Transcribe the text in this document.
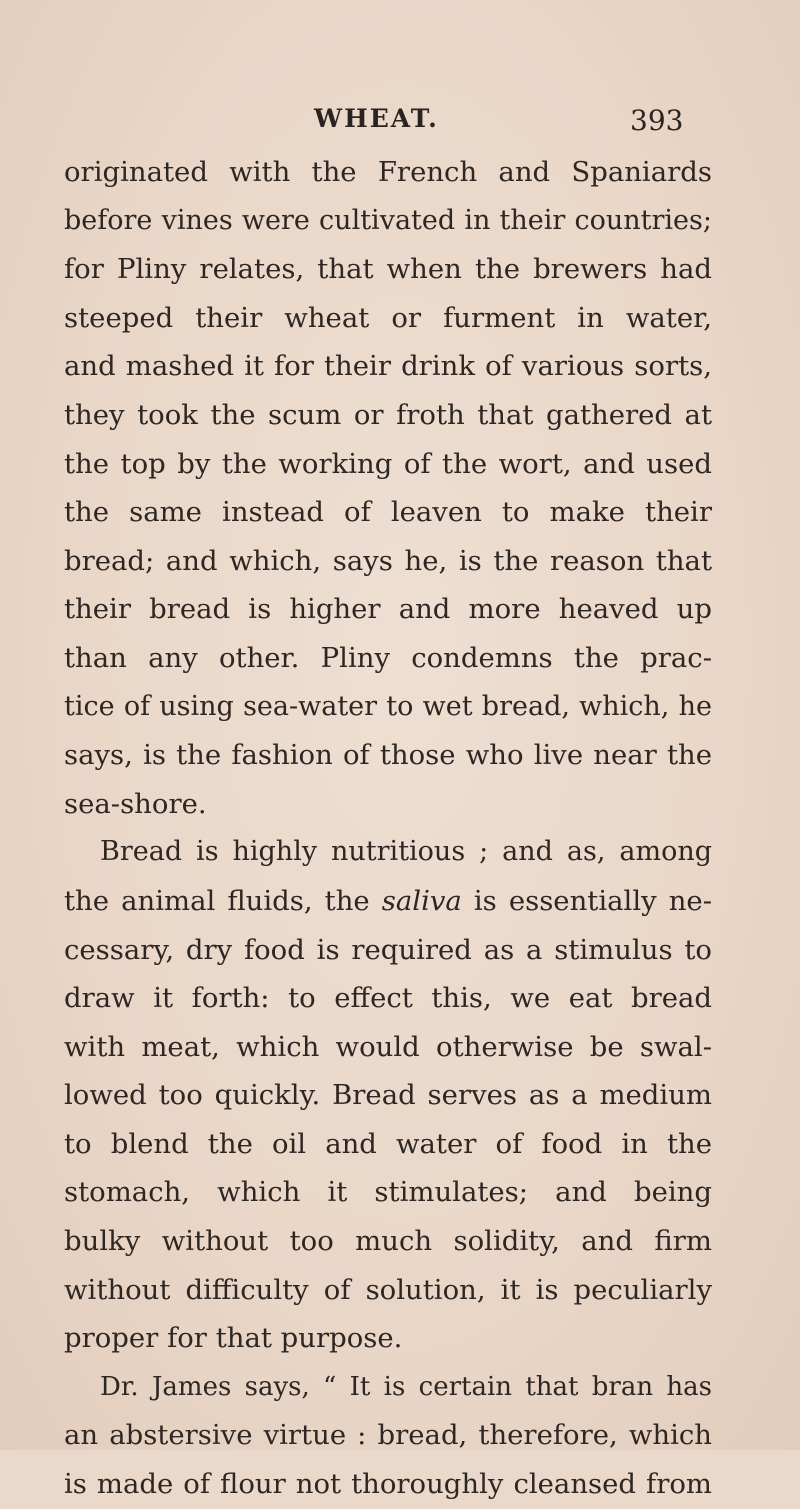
WHEAT.	393
originated with the French and Spaniards
before vines were cultivated in their countries;
for Pliny relates, that when the brewers had
steeped their wheat or furment in water,
and mashed it for their drink of various sorts,
they took the scum or froth that gathered at
the top by the working of the wort, and used
the same instead of leaven to make their
bread; and which, says he, is the reason that
their bread is higher and more heaved up
than any other. Pliny condemns the prac-
tice of using sea-water to wet bread, which, he
says, is the fashion of those who live near the
sea-shore.
Bread is highly nutritious ; and as, among
the animal fluids, the saliva is essentially ne-
cessary, dry food is required as a stimulus to
draw it forth: to effect this, we eat bread
with meat, which would otherwise be swal-
lowed too quickly. Bread serves as a medium
to blend the oil and water of food in the
stomach, which it stimulates; and being
bulky without too much solidity, and firm
without difficulty of solution, it is peculiarly
proper for that purpose.
Dr. James says, “ It is certain that bran has
an abstersive virtue : bread, therefore, which
is made of flour not thoroughly cleansed from
